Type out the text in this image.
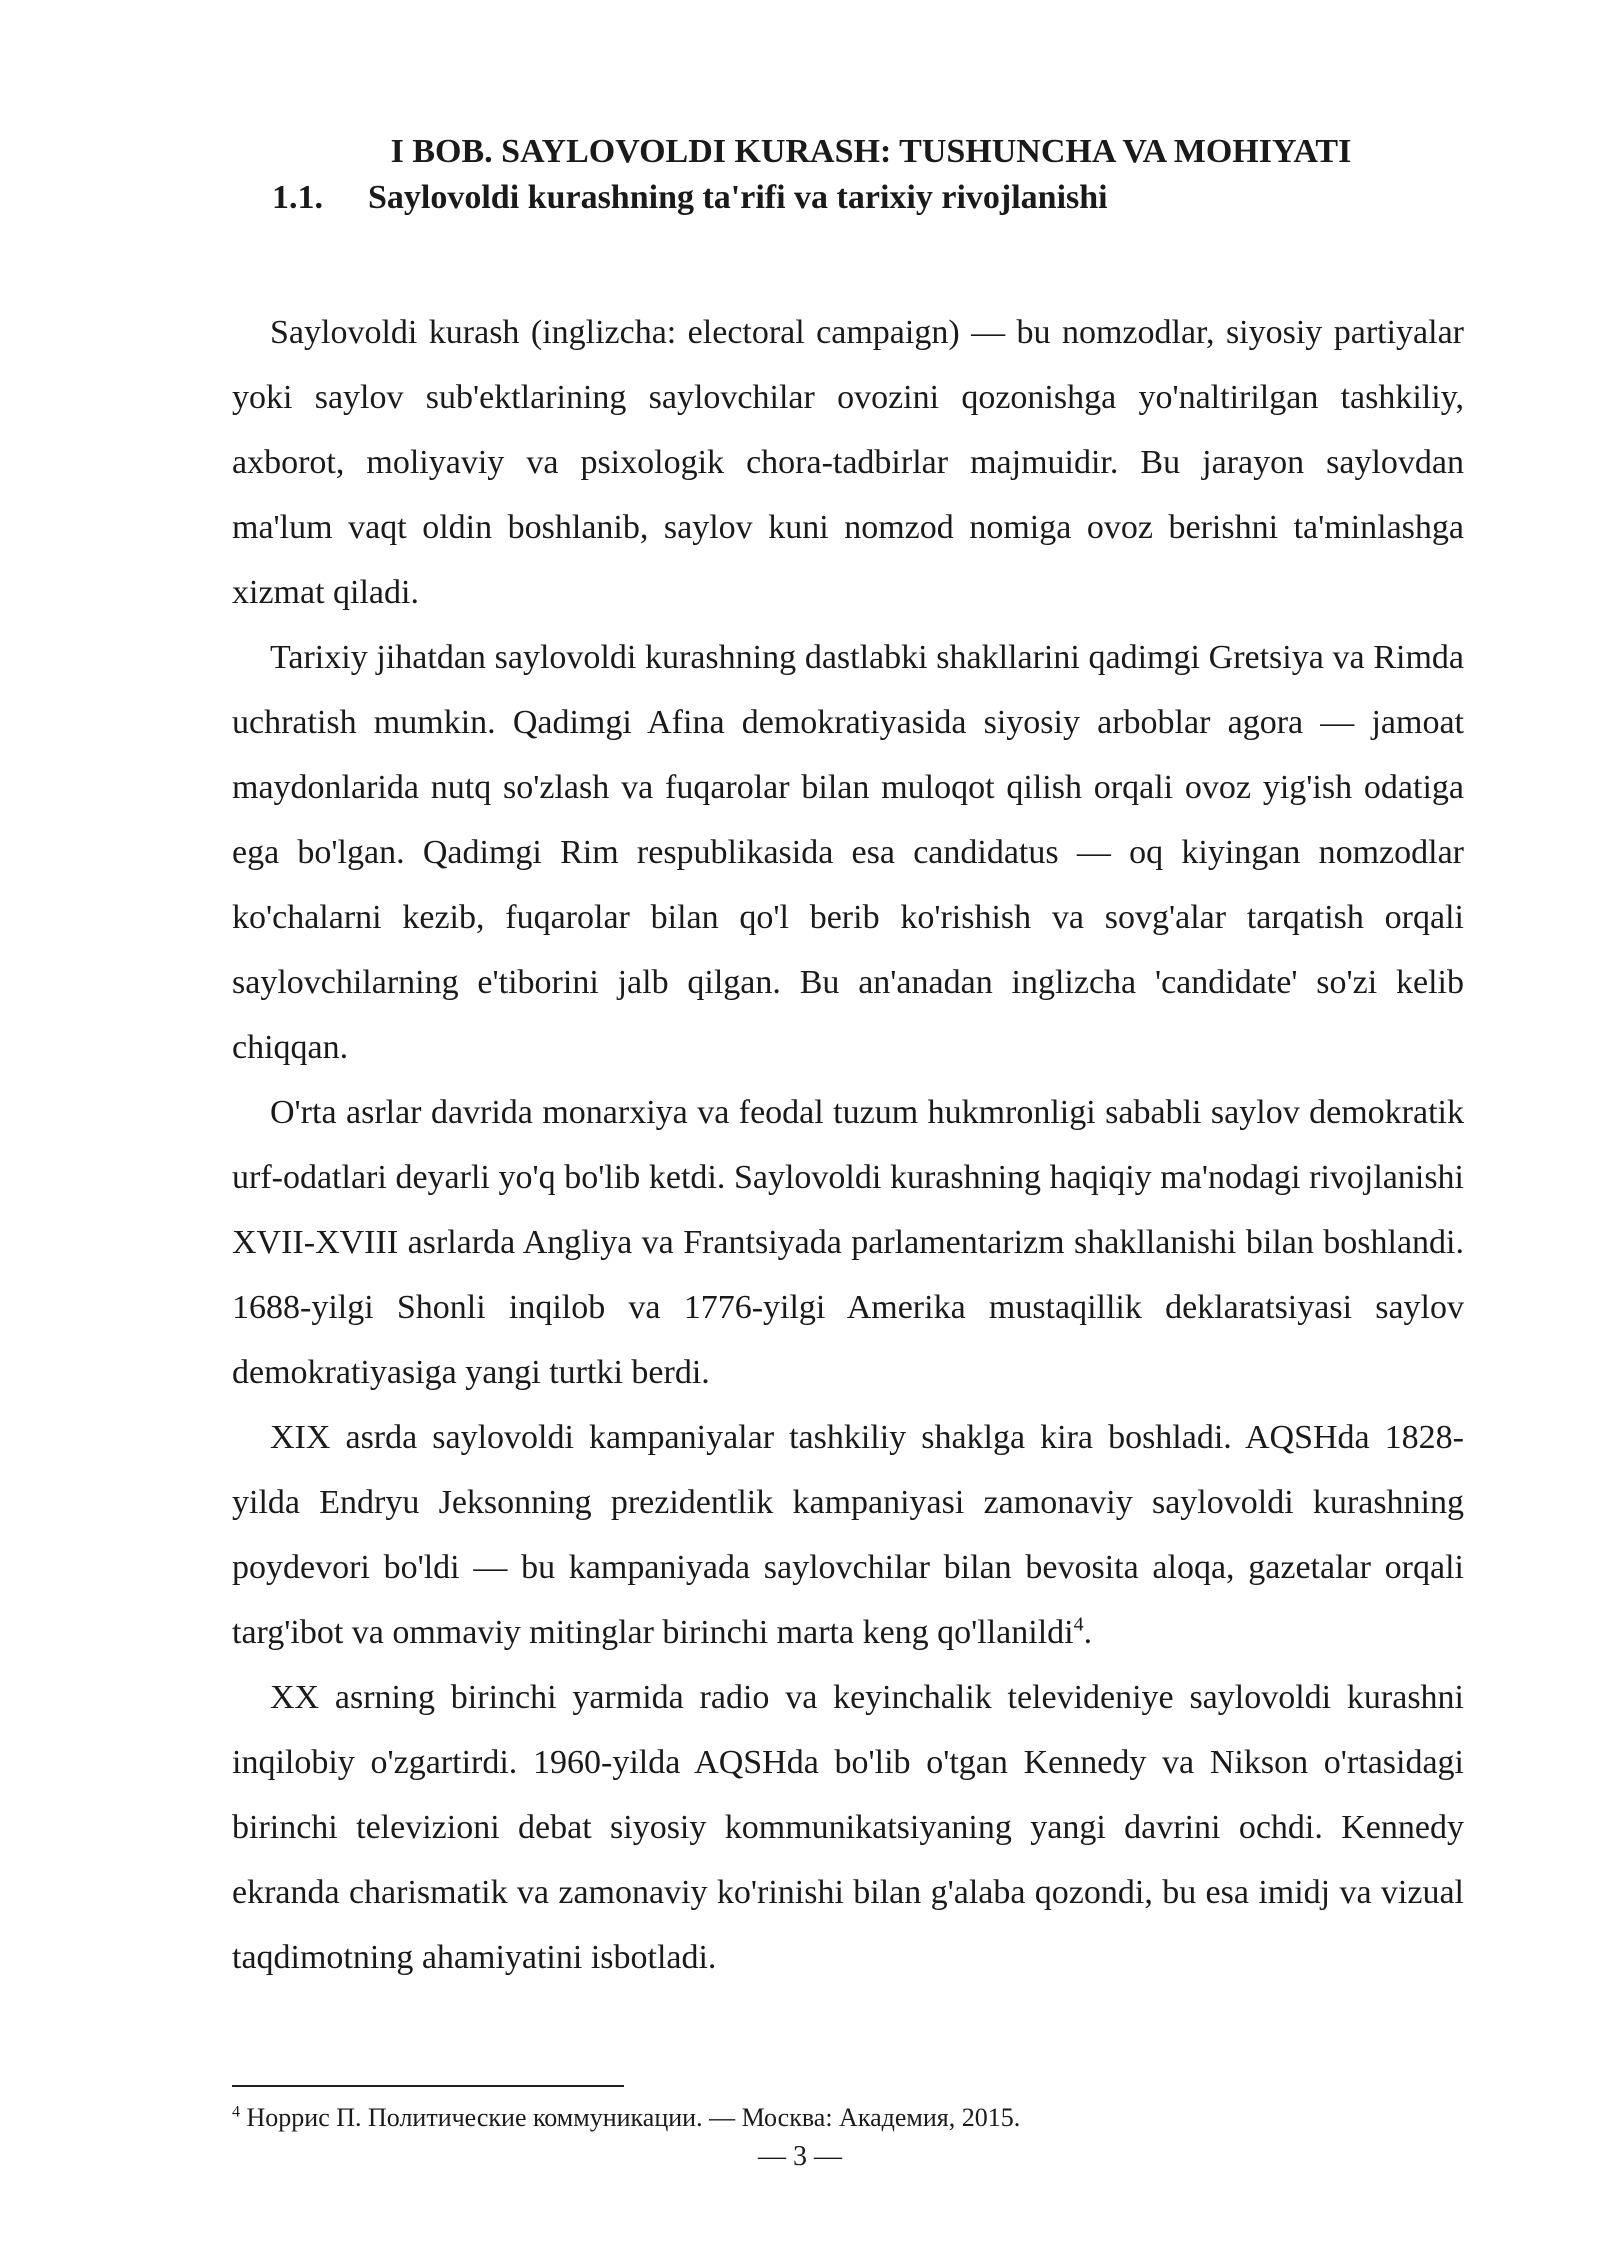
I BOB. SAYLOVOLDI KURASH: TUSHUNCHA VA MOHIYATI
1.1.	Saylovoldi kurashning ta'rifi va tarixiy rivojlanishi

Saylovoldi kurash (inglizcha: electoral campaign) — bu nomzodlar, siyosiy partiyalar yoki saylov sub'ektlarining saylovchilar ovozini qozonishga yo'naltirilgan tashkiliy, axborot, moliyaviy va psixologik chora-tadbirlar majmuidir. Bu jarayon saylovdan ma'lum vaqt oldin boshlanib, saylov kuni nomzod nomiga ovoz berishni ta'minlashga xizmat qiladi.

Tarixiy jihatdan saylovoldi kurashning dastlabki shakllarini qadimgi Gretsiya va Rimda uchratish mumkin. Qadimgi Afina demokratiyasida siyosiy arboblar agora — jamoat maydonlarida nutq so'zlash va fuqarolar bilan muloqot qilish orqali ovoz yig'ish odatiga ega bo'lgan. Qadimgi Rim respublikasida esa candidatus — oq kiyingan nomzodlar ko'chalarni kezib, fuqarolar bilan qo'l berib ko'rishish va sovg'alar tarqatish orqali saylovchilarning e'tiborini jalb qilgan. Bu an'anadan inglizcha 'candidate' so'zi kelib chiqqan.

O'rta asrlar davrida monarxiya va feodal tuzum hukmronligi sababli saylov demokratik urf-odatlari deyarli yo'q bo'lib ketdi. Saylovoldi kurashning haqiqiy ma'nodagi rivojlanishi XVII-XVIII asrlarda Angliya va Frantsiyada parlamentarizm shakllanishi bilan boshlandi. 1688-yilgi Shonli inqilob va 1776-yilgi Amerika mustaqillik deklaratsiyasi saylov demokratiyasiga yangi turtki berdi.

XIX asrda saylovoldi kampaniyalar tashkiliy shaklga kira boshladi. AQSHda 1828-yilda Endryu Jeksonning prezidentlik kampaniyasi zamonaviy saylovoldi kurashning poydevori bo'ldi — bu kampaniyada saylovchilar bilan bevosita aloqa, gazetalar orqali targ'ibot va ommaviy mitinglar birinchi marta keng qo'llanildi$^4$.

XX asrning birinchi yarmida radio va keyinchalik televideniye saylovoldi kurashni inqilobiy o'zgartirdi. 1960-yilda AQSHda bo'lib o'tgan Kennedy va Nikson o'rtasidagi birinchi televizioni debat siyosiy kommunikatsiyaning yangi davrini ochdi. Kennedy ekranda charismatik va zamonaviy ko'rinishi bilan g'alaba qozondi, bu esa imidj va vizual taqdimotning ahamiyatini isbotladi.

$^4$ Норрис П. Политические коммуникации. — Москва: Академия, 2015.
— 3 —
